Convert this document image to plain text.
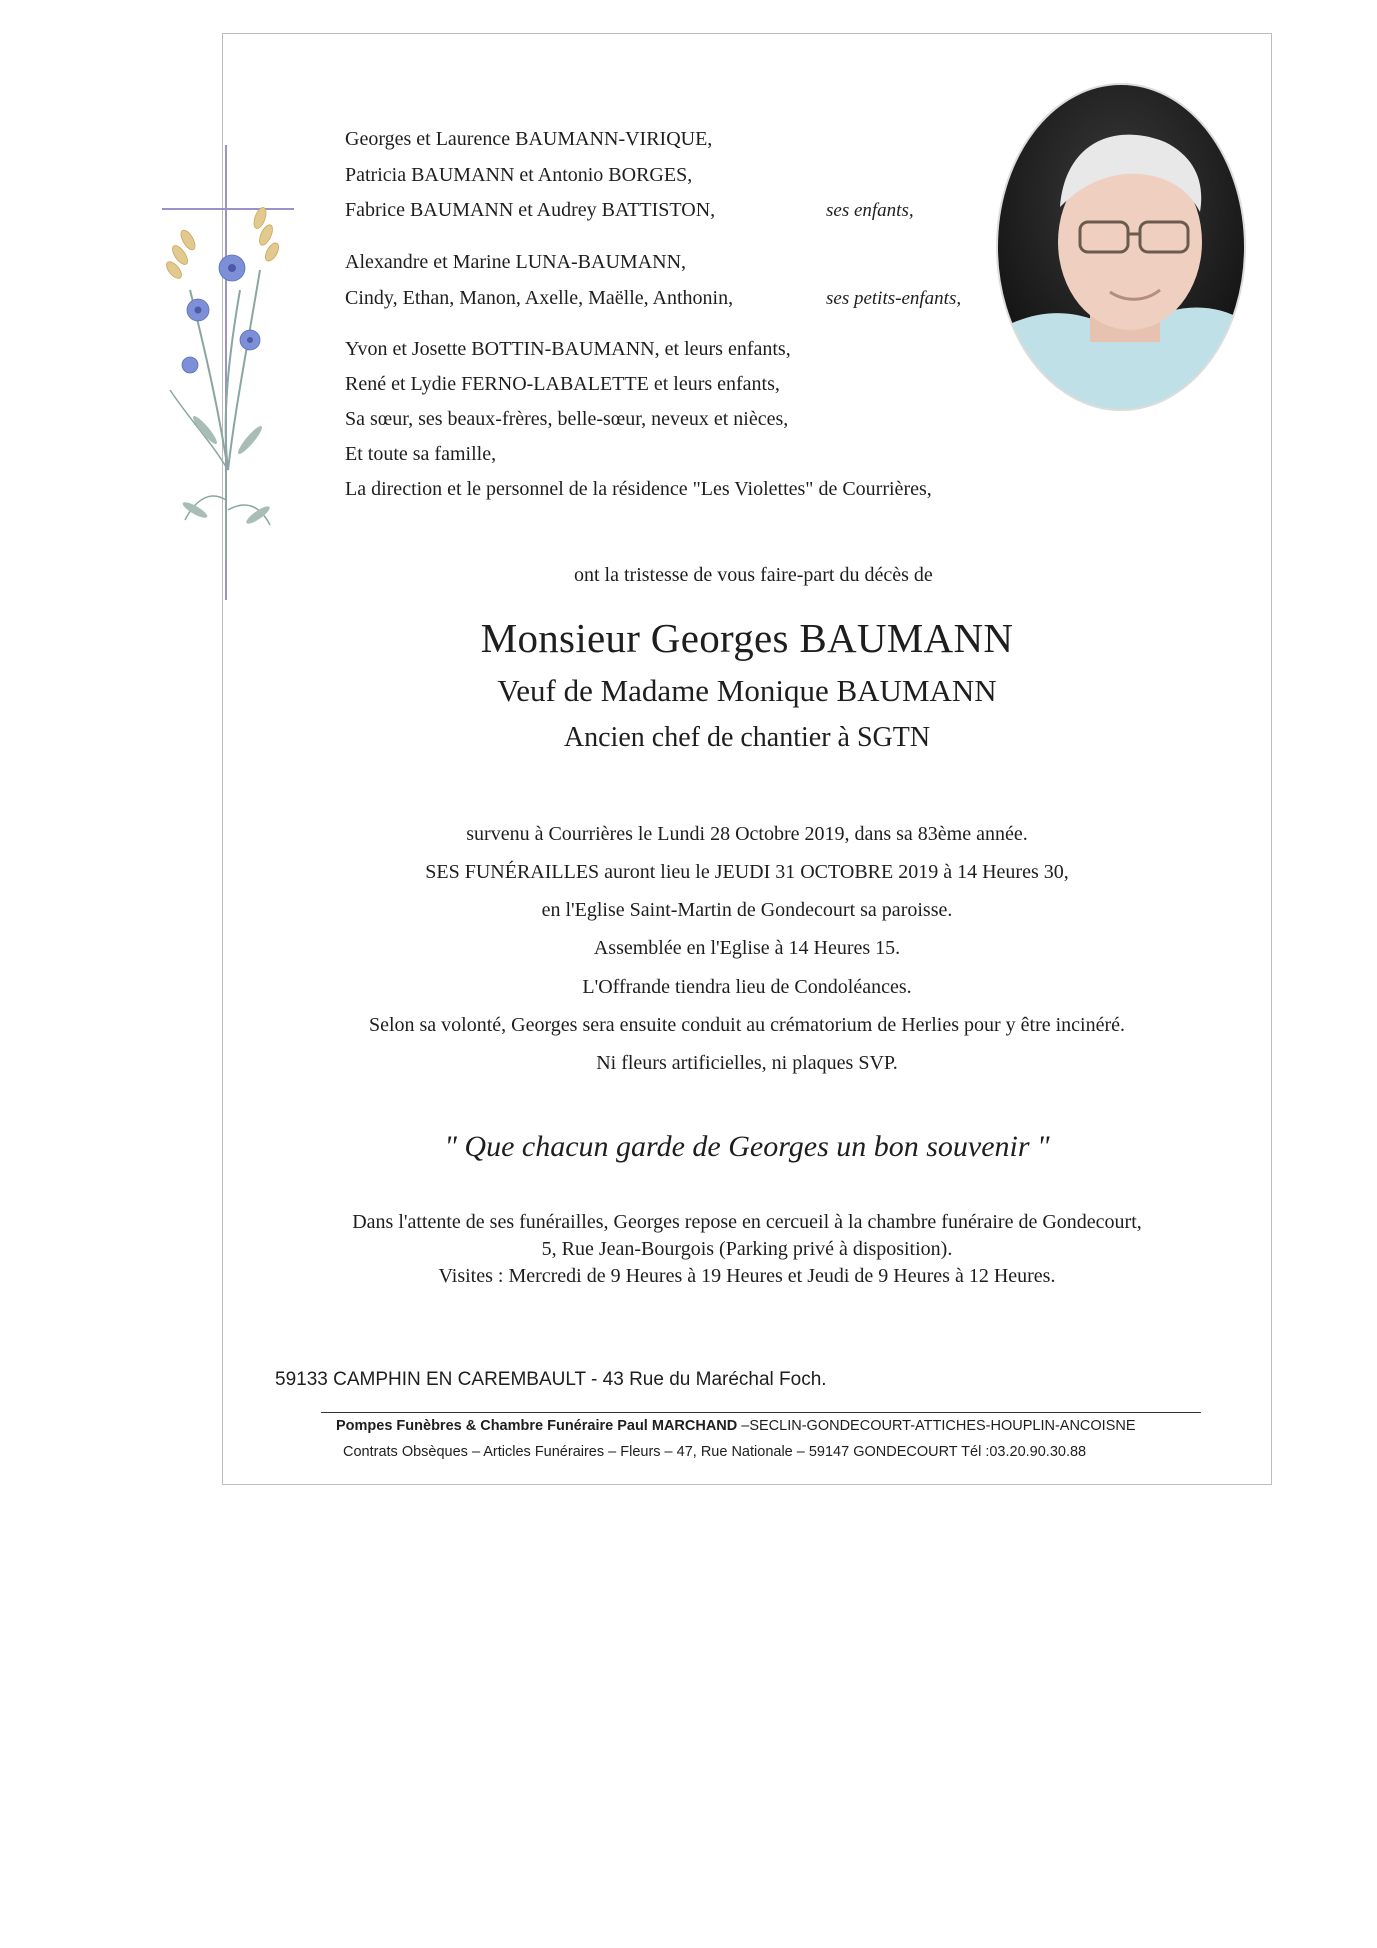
Georges et Laurence BAUMANN-VIRIQUE,
Patricia BAUMANN et Antonio BORGES,
Fabrice BAUMANN et Audrey BATTISTON,	ses enfants,
Alexandre et Marine LUNA-BAUMANN,
Cindy, Ethan, Manon, Axelle, Maëlle, Anthonin,	ses petits-enfants,
Yvon et Josette BOTTIN-BAUMANN, et leurs enfants,
René et Lydie FERNO-LABALETTE et leurs enfants,
Sa sœur, ses beaux-frères, belle-sœur, neveux et nièces,
Et toute sa famille,
La direction et le personnel de la résidence "Les Violettes" de Courrières,
ont la tristesse de vous faire-part du décès de
Monsieur Georges BAUMANN
Veuf de Madame Monique BAUMANN
Ancien chef de chantier à SGTN
survenu à Courrières le Lundi 28 Octobre 2019, dans sa 83ème année.
SES FUNÉRAILLES auront lieu le JEUDI 31 OCTOBRE 2019 à 14 Heures 30,
en l'Eglise Saint-Martin de Gondecourt sa paroisse.
Assemblée en l'Eglise à 14 Heures 15.
L'Offrande tiendra lieu de Condoléances.
Selon sa volonté, Georges sera ensuite conduit au crématorium de Herlies pour y être incinéré.
Ni fleurs artificielles, ni plaques SVP.
" Que chacun garde de Georges un bon souvenir "
Dans l'attente de ses funérailles, Georges repose en cercueil à la chambre funéraire de Gondecourt,
5, Rue Jean-Bourgois (Parking privé à disposition).
Visites : Mercredi de 9 Heures à 19 Heures et Jeudi de 9 Heures à 12 Heures.
59133 CAMPHIN EN CAREMBAULT - 43 Rue du Maréchal Foch.
Pompes Funèbres & Chambre Funéraire Paul MARCHAND –SECLIN-GONDECOURT-ATTICHES-HOUPLIN-ANCOISNE
Contrats Obsèques – Articles Funéraires – Fleurs – 47, Rue Nationale – 59147 GONDECOURT Tél :03.20.90.30.88
